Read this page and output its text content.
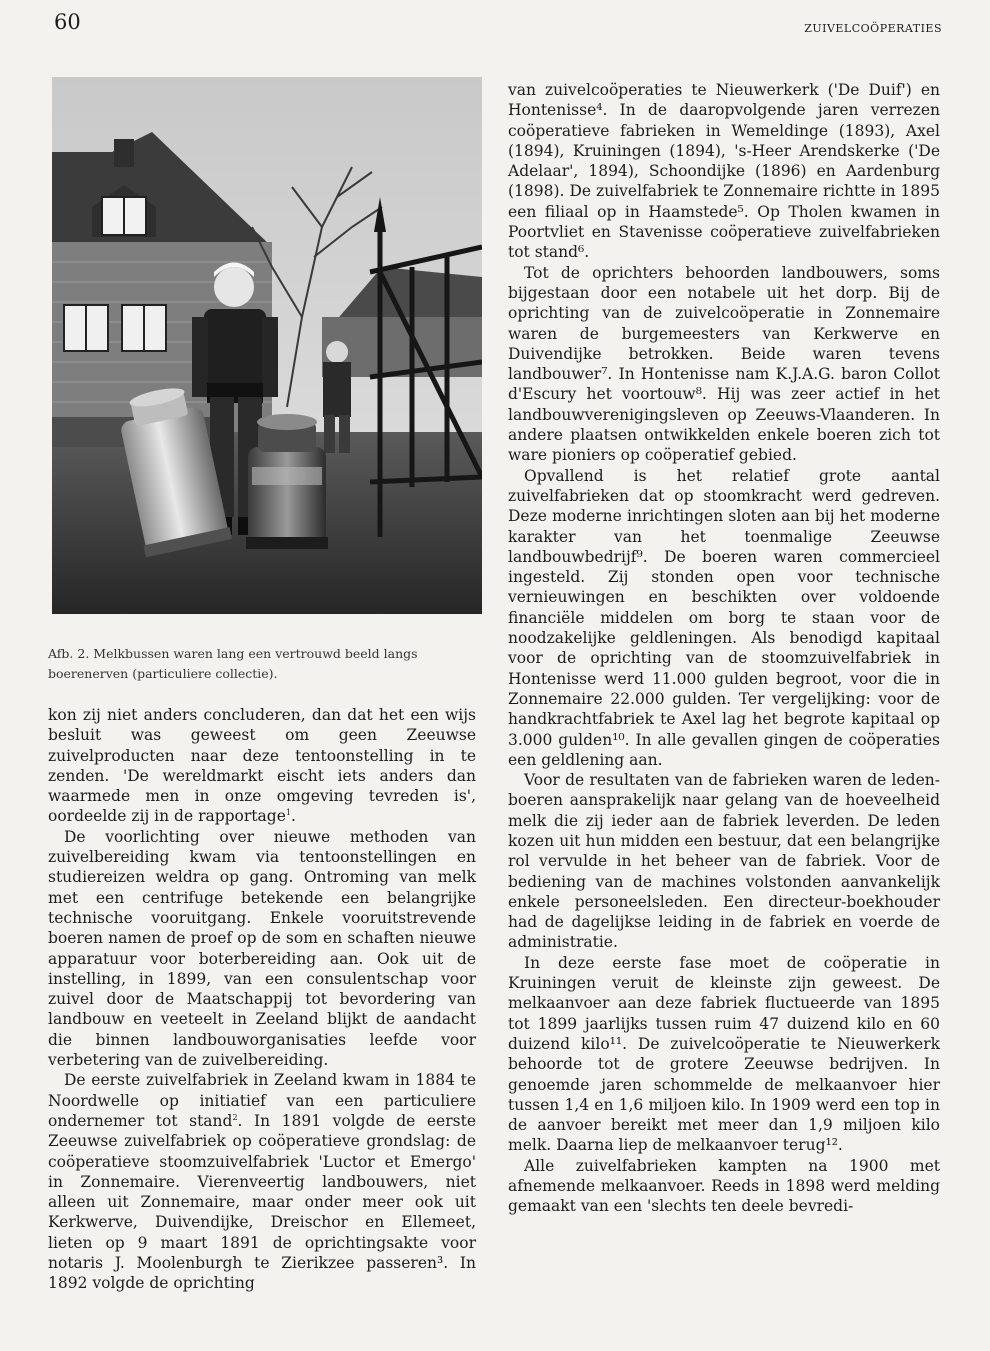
60	ZUIVELCOÖPERATIES
Afb. 2. Melkbussen waren lang een vertrouwd beeld langs boerenerven (particuliere collectie).

kon zij niet anders concluderen, dan dat het een wijs besluit was geweest om geen Zeeuwse zuivelproducten naar deze tentoonstelling in te zenden. 'De wereldmarkt eischt iets anders dan waarmede men in onze omgeving tevreden is', oordeelde zij in de rapportage$^1$.

De voorlichting over nieuwe methoden van zuivelbereiding kwam via tentoonstellingen en studiereizen weldra op gang. Ontroming van melk met een centrifuge betekende een belangrijke technische vooruitgang. Enkele vooruitstrevende boeren namen de proef op de som en schaften nieuwe apparatuur voor boterbereiding aan. Ook uit de instelling, in 1899, van een consulentschap voor zuivel door de Maatschappij tot bevordering van landbouw en veeteelt in Zeeland blijkt de aandacht die binnen landbouworganisaties leefde voor verbetering van de zuivelbereiding.

De eerste zuivelfabriek in Zeeland kwam in 1884 te Noordwelle op initiatief van een particuliere ondernemer tot stand$^2$. In 1891 volgde de eerste Zeeuwse zuivelfabriek op coöperatieve grondslag: de coöperatieve stoomzuivelfabriek 'Luctor et Emergo' in Zonnemaire. Vierenveertig landbouwers, niet alleen uit Zonnemaire, maar onder meer ook uit Kerkwerve, Duivendijke, Dreischor en Ellemeet, lieten op 9 maart 1891 de oprichtingsakte voor notaris J. Moolenburgh te Zierikzee passeren³. In 1892 volgde de oprichting

van zuivelcoöperaties te Nieuwerkerk ('De Duif') en Hontenisse⁴. In de daaropvolgende jaren verrezen coöperatieve fabrieken in Wemeldinge (1893), Axel (1894), Kruiningen (1894), 's-Heer Arendskerke ('De Adelaar', 1894), Schoondijke (1896) en Aardenburg (1898). De zuivelfabriek te Zonnemaire richtte in 1895 een filiaal op in Haamstede⁵. Op Tholen kwamen in Poortvliet en Stavenisse coöperatieve zuivelfabrieken tot stand⁶.

Tot de oprichters behoorden landbouwers, soms bijgestaan door een notabele uit het dorp. Bij de oprichting van de zuivelcoöperatie in Zonnemaire waren de burgemeesters van Kerkwerve en Duivendijke betrokken. Beide waren tevens landbouwer⁷. In Hontenisse nam K.J.A.G. baron Collot d'Escury het voortouw⁸. Hij was zeer actief in het landbouwverenigingsleven op Zeeuws-Vlaanderen. In andere plaatsen ontwikkelden enkele boeren zich tot ware pioniers op coöperatief gebied.

Opvallend is het relatief grote aantal zuivelfabrieken dat op stoomkracht werd gedreven. Deze moderne inrichtingen sloten aan bij het moderne karakter van het toenmalige Zeeuwse landbouwbedrijf⁹. De boeren waren commercieel ingesteld. Zij stonden open voor technische vernieuwingen en beschikten over voldoende financiële middelen om borg te staan voor de noodzakelijke geldleningen. Als benodigd kapitaal voor de oprichting van de stoomzuivelfabriek in Hontenisse werd 11.000 gulden begroot, voor die in Zonnemaire 22.000 gulden. Ter vergelijking: voor de handkrachtfabriek te Axel lag het begrote kapitaal op 3.000 gulden¹⁰. In alle gevallen gingen de coöperaties een geldlening aan.

Voor de resultaten van de fabrieken waren de leden-boeren aansprakelijk naar gelang van de hoeveelheid melk die zij ieder aan de fabriek leverden. De leden kozen uit hun midden een bestuur, dat een belangrijke rol vervulde in het beheer van de fabriek. Voor de bediening van de machines volstonden aanvankelijk enkele personeelsleden. Een directeur-boekhouder had de dagelijkse leiding in de fabriek en voerde de administratie.

In deze eerste fase moet de coöperatie in Kruiningen veruit de kleinste zijn geweest. De melkaanvoer aan deze fabriek fluctueerde van 1895 tot 1899 jaarlijks tussen ruim 47 duizend kilo en 60 duizend kilo¹¹. De zuivelcoöperatie te Nieuwerkerk behoorde tot de grotere Zeeuwse bedrijven. In genoemde jaren schommelde de melkaanvoer hier tussen 1,4 en 1,6 miljoen kilo. In 1909 werd een top in de aanvoer bereikt met meer dan 1,9 miljoen kilo melk. Daarna liep de melkaanvoer terug¹².

Alle zuivelfabrieken kampten na 1900 met afnemende melkaanvoer. Reeds in 1898 werd melding gemaakt van een 'slechts ten deele bevredi-
